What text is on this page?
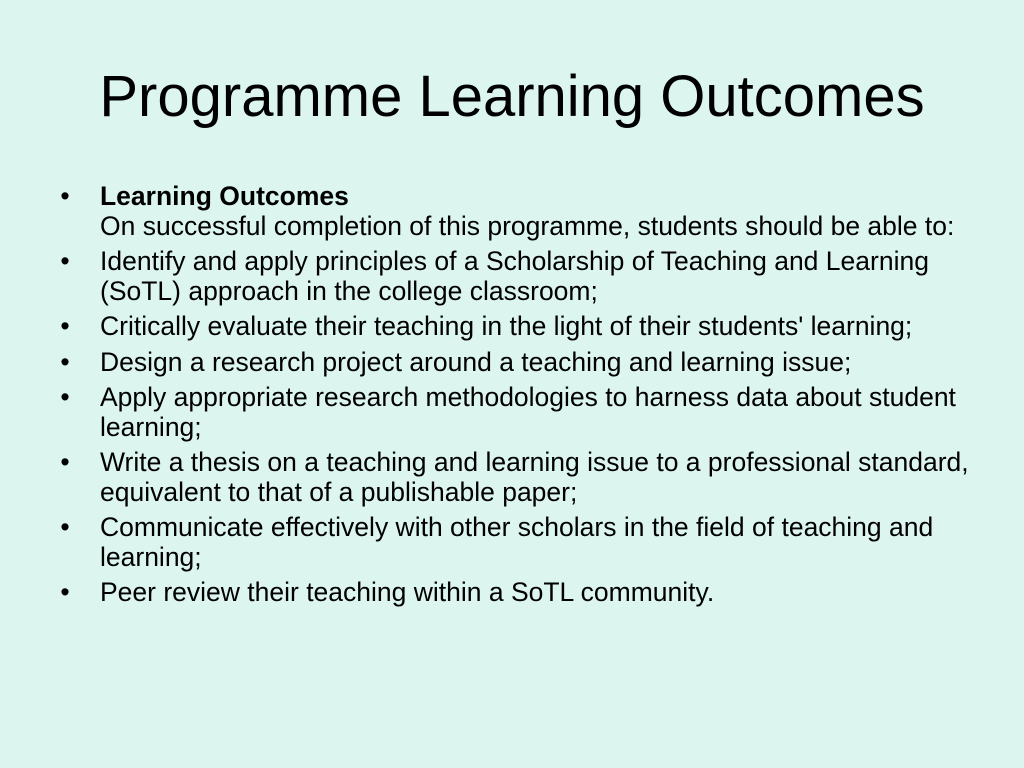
Programme Learning Outcomes
• Learning Outcomes
On successful completion of this programme, students should be able to:
• Identify and apply principles of a Scholarship of Teaching and Learning (SoTL) approach in the college classroom;
• Critically evaluate their teaching in the light of their students' learning;
• Design a research project around a teaching and learning issue;
• Apply appropriate research methodologies to harness data about student learning;
• Write a thesis on a teaching and learning issue to a professional standard, equivalent to that of a publishable paper;
• Communicate effectively with other scholars in the field of teaching and learning;
• Peer review their teaching within a SoTL community.
